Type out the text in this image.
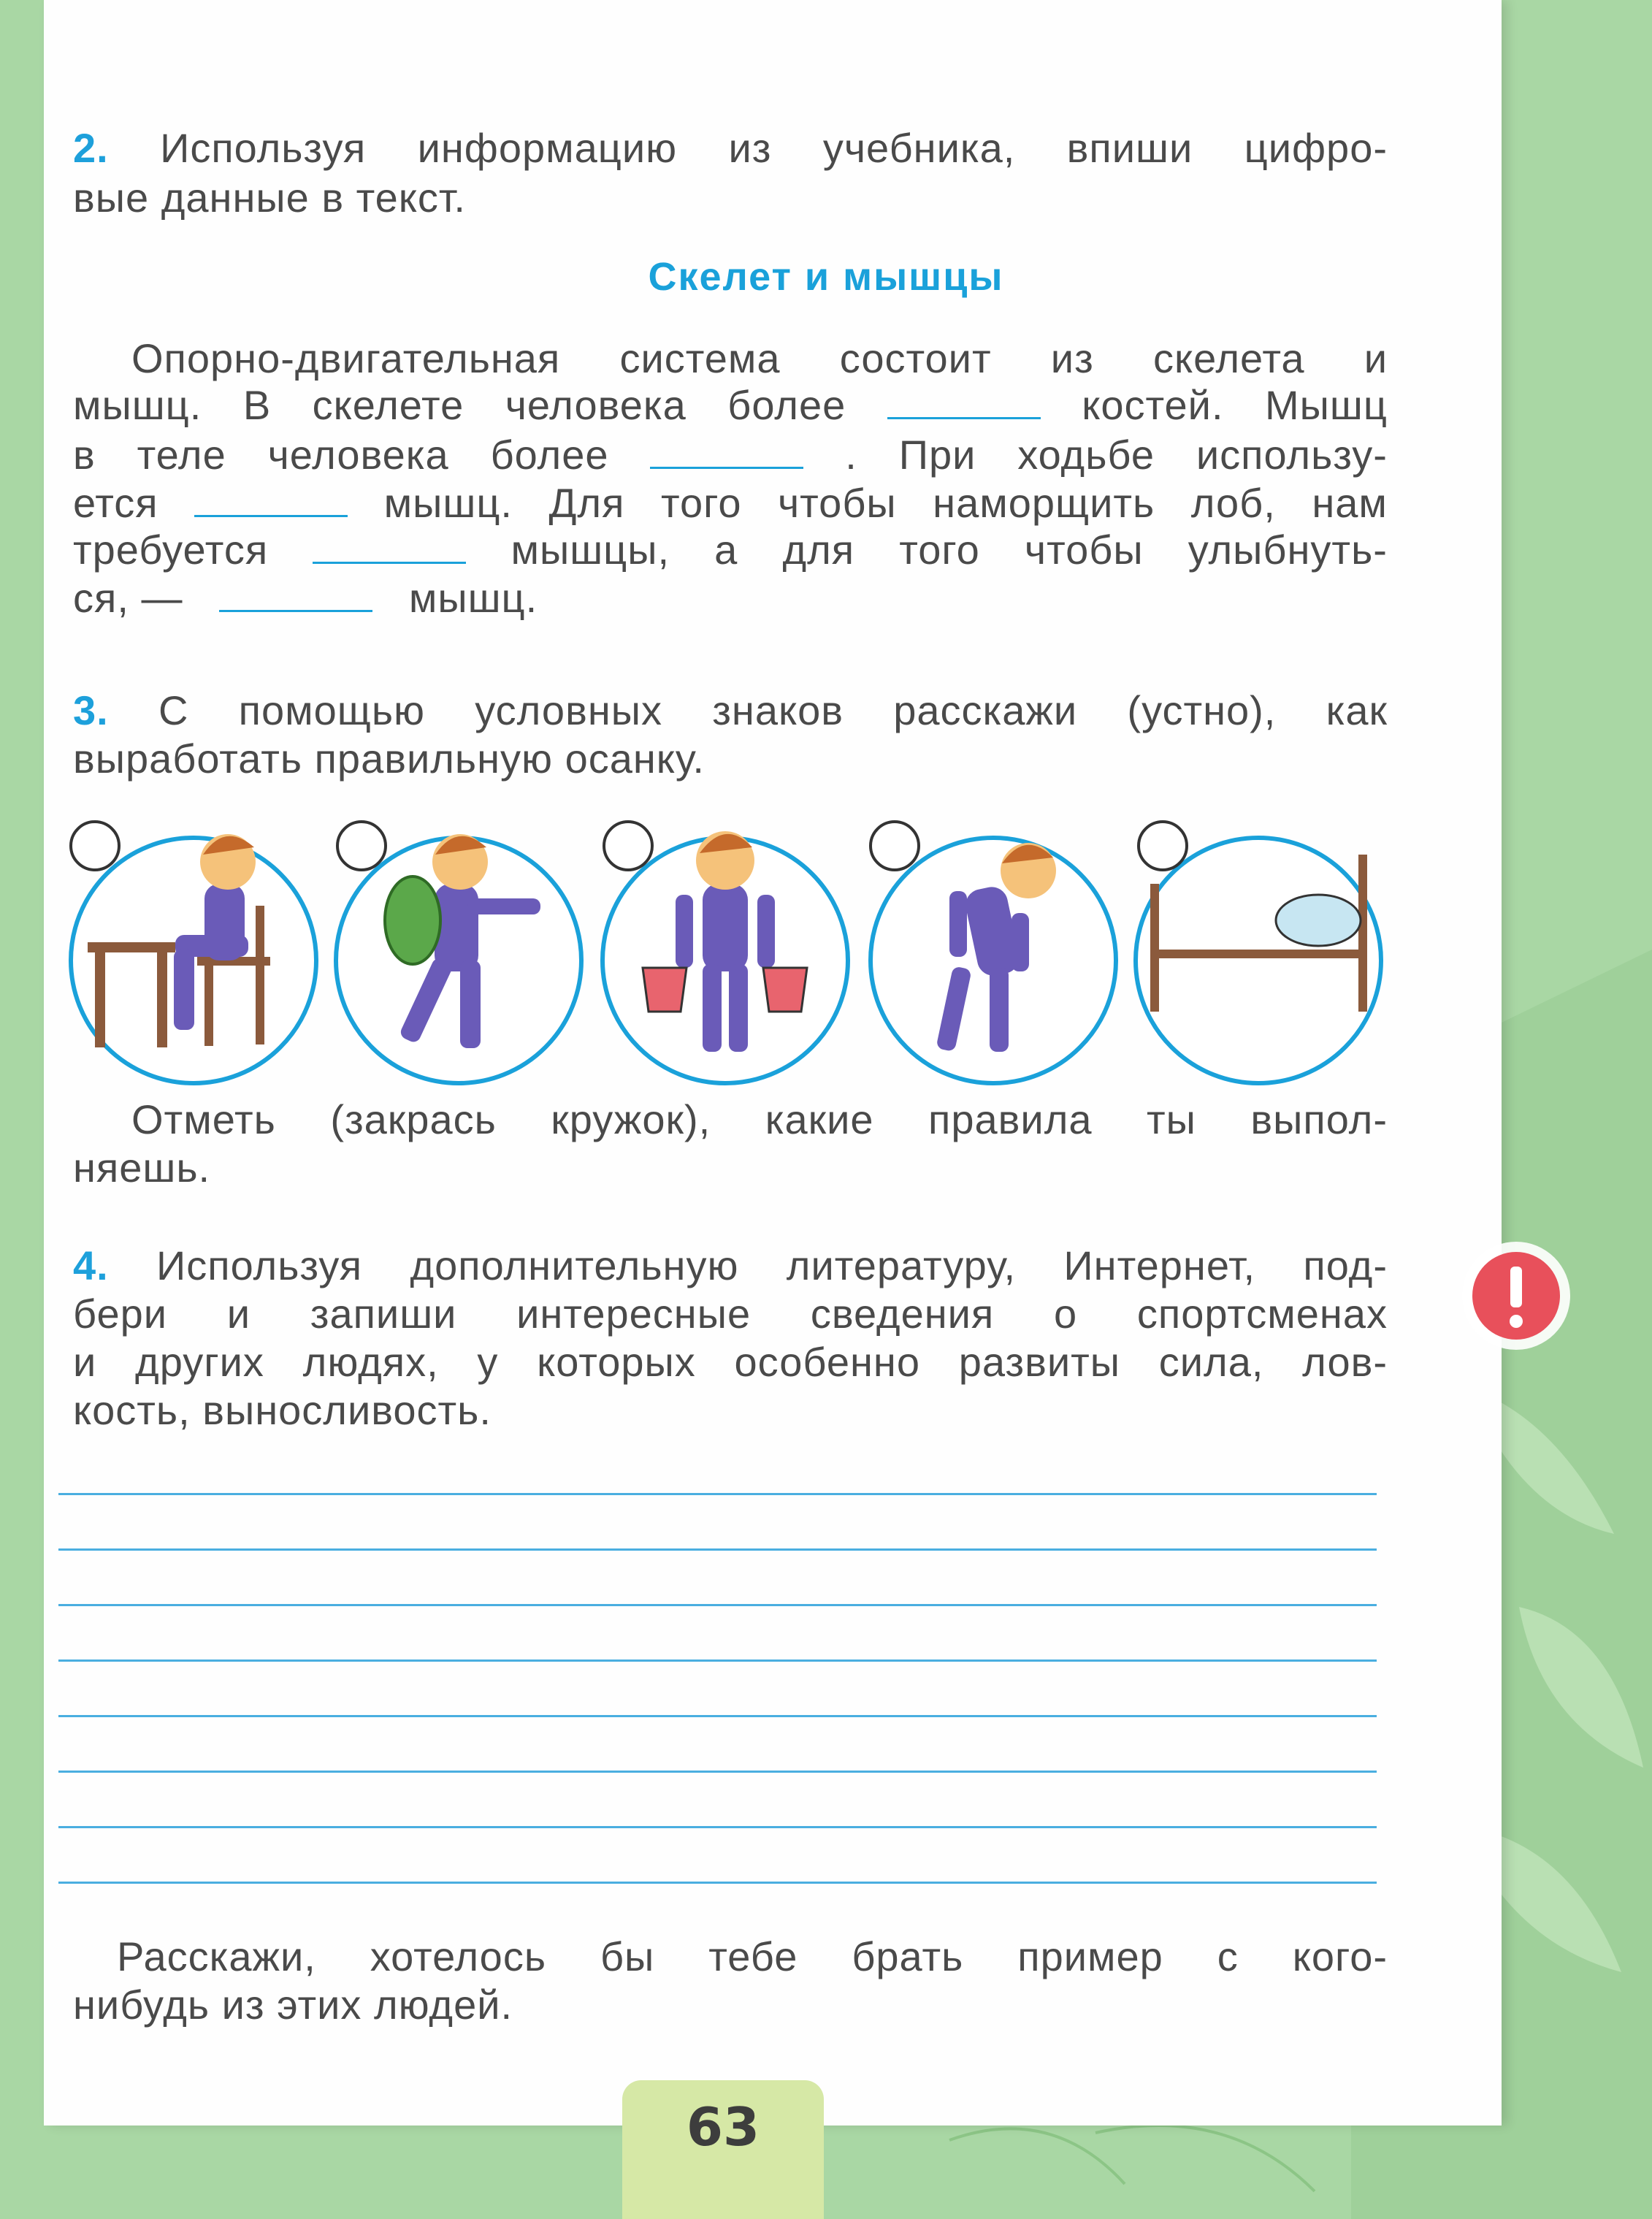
2. Используя информацию из учебника, впиши цифро-

вые данные в текст.

Скелет и мышцы
Опорно-двигательная система состоит из скелета и
мышц. В скелете человека более	костей. Мышц
в теле человека более	. При ходьбе использу-
ется	мышц. Для того чтобы наморщить лоб, нам
требуется	мышцы, а для того чтобы улыбнуть-
ся, —	мышц.

3. С помощью условных знаков расскажи (устно), как

выработать правильную осанку.

Отметь (закрась кружок), какие правила ты выпол-

няешь.

4. Используя дополнительную литературу, Интернет, под-

бери и запиши интересные сведения о спортсменах

и других людях, у которых особенно развиты сила, лов-

кость, выносливость.

Расскажи, хотелось бы тебе брать пример с кого-

нибудь из этих людей.

63
